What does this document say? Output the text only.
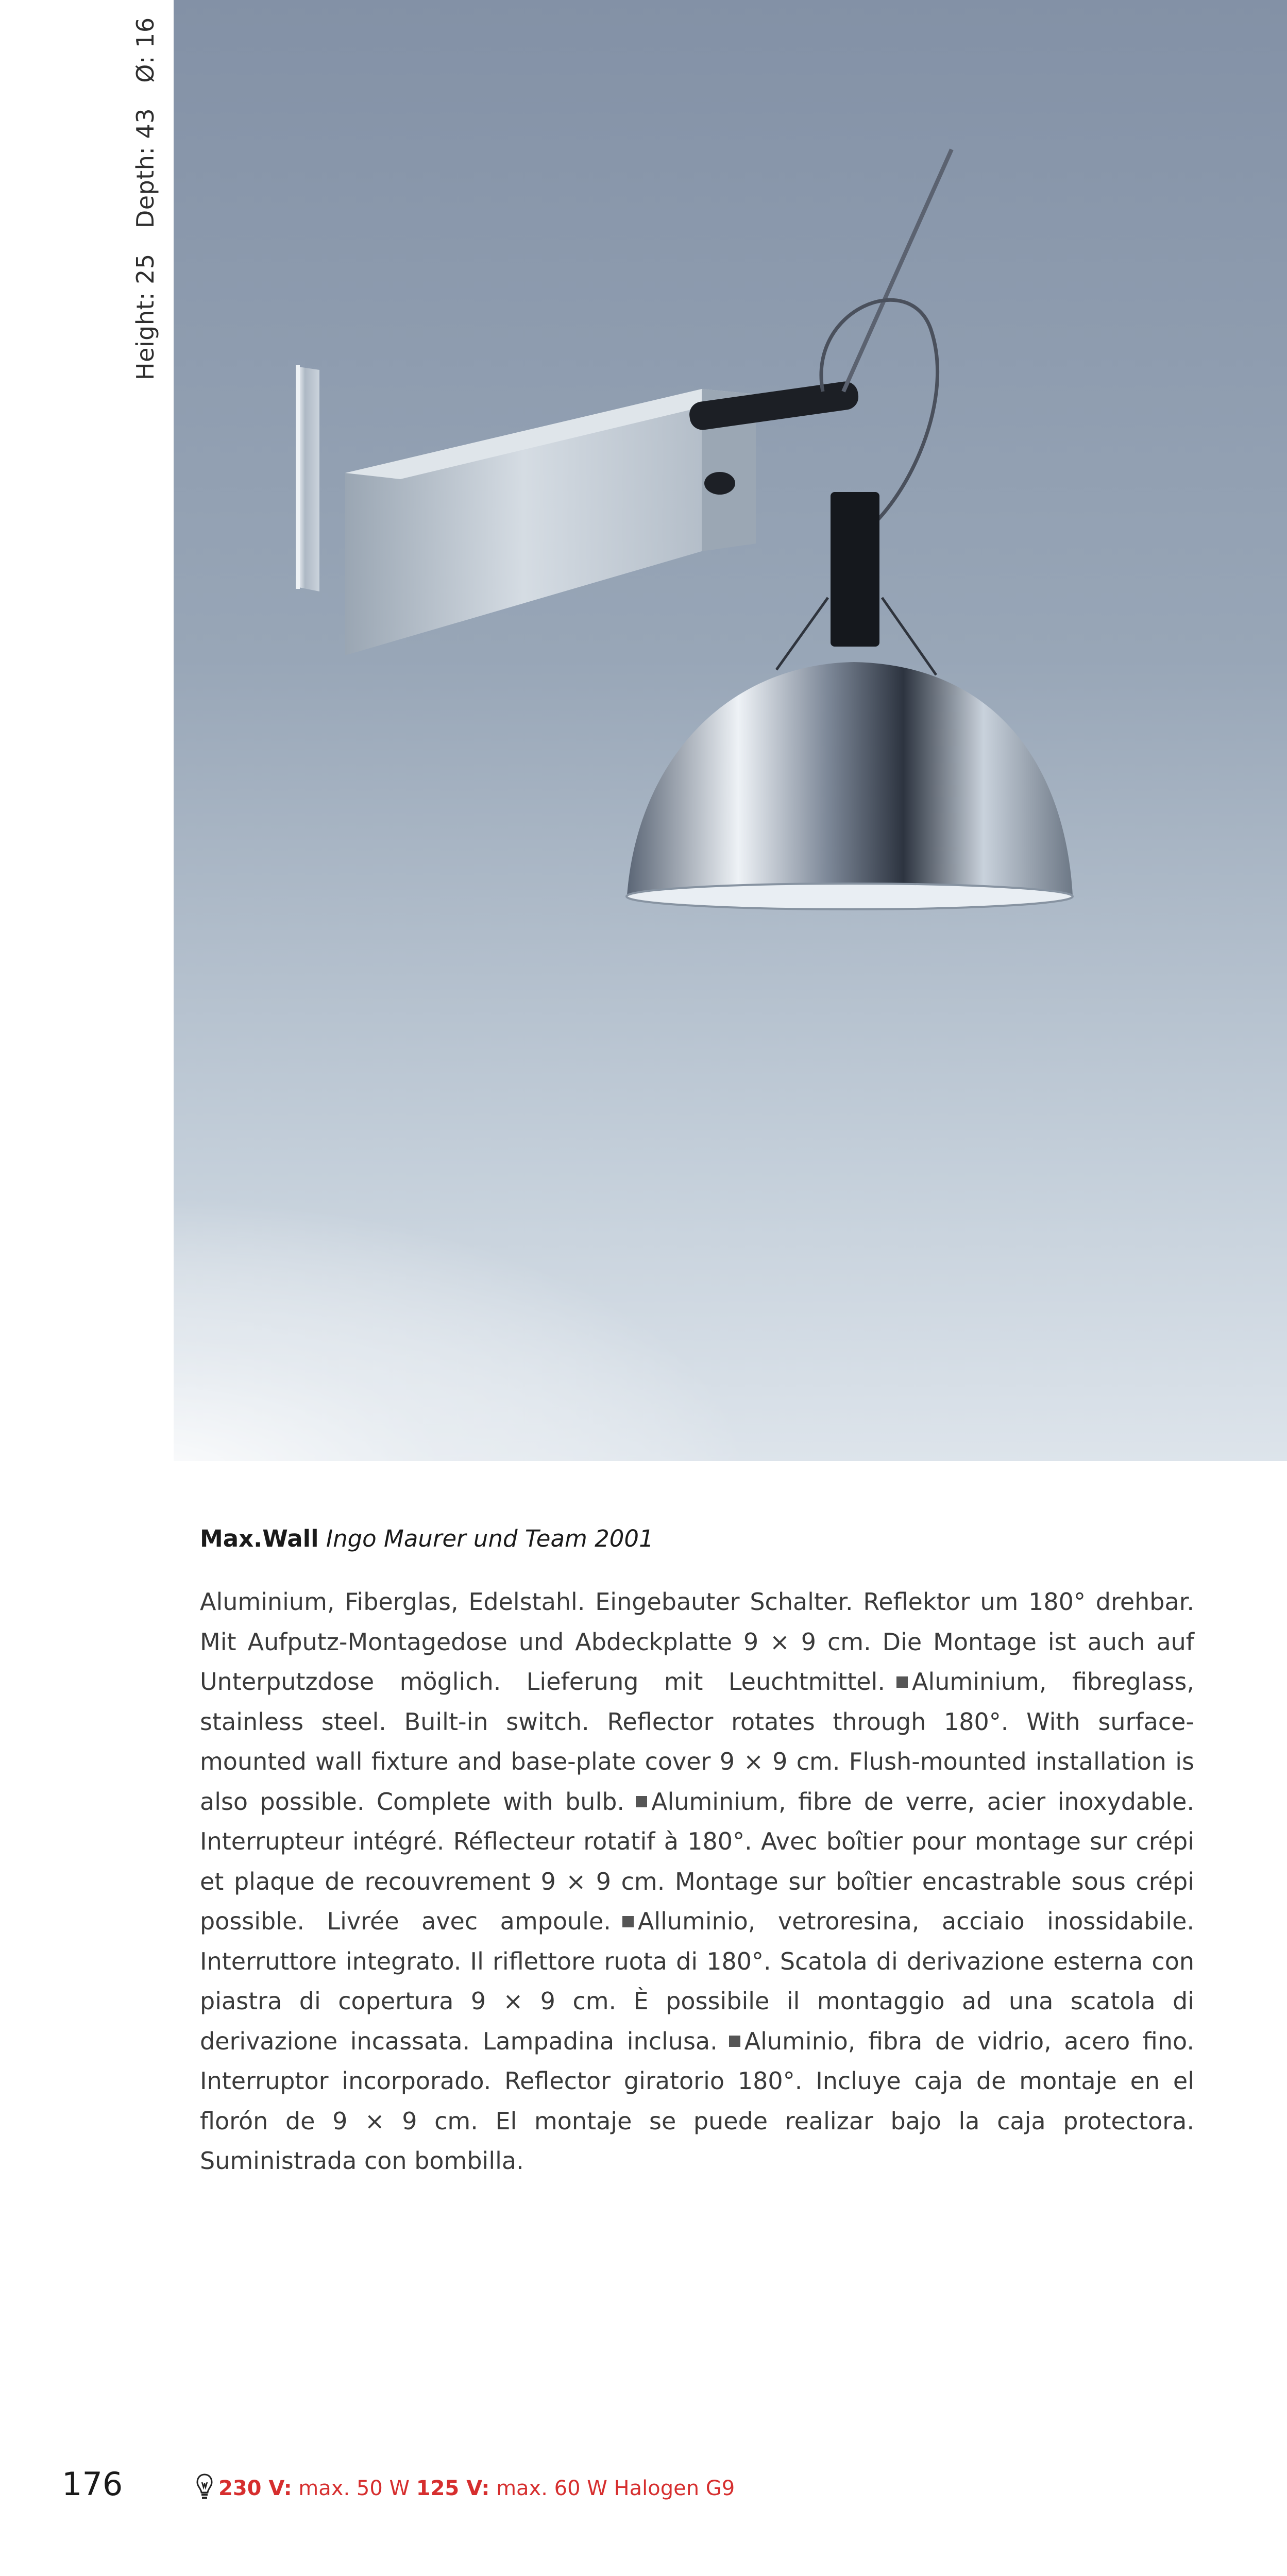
Height: 25 Depth: 43 Ø: 16

Max.Wall Ingo Maurer und Team 2001

Aluminium, Fiberglas, Edelstahl. Eingebauter Schalter. Reflektor um 180° drehbar. Mit Aufputz-Montagedose und Abdeckplatte 9 × 9 cm. Die Montage ist auch auf Unterputzdose möglich. Lieferung mit Leuchtmittel. Aluminium, fibreglass, stainless steel. Built-in switch. Reflector rotates through 180°. With surface-mounted wall fixture and base-plate cover 9 × 9 cm. Flush-mounted installation is also possible. Complete with bulb. Aluminium, fibre de verre, acier inoxydable. Interrupteur intégré. Réflecteur rotatif à 180°. Avec boîtier pour montage sur crépi et plaque de recouvrement 9 × 9 cm. Montage sur boîtier encastrable sous crépi possible. Livrée avec ampoule. Alluminio, vetroresina, acciaio inossidabile. Interruttore integrato. Il riflettore ruota di 180°. Scatola di derivazione esterna con piastra di copertura 9 × 9 cm. È possibile il montaggio ad una scatola di derivazione incassata. Lampadina inclusa. Aluminio, fibra de vidrio, acero fino. Interruptor incorporado. Reflector giratorio 180°. Incluye caja de montaje en el florón de 9 × 9 cm. El montaje se puede realizar bajo la caja protectora. Suministrada con bombilla.

176	230 V: max. 50 W 125 V: max. 60 W Halogen G9
